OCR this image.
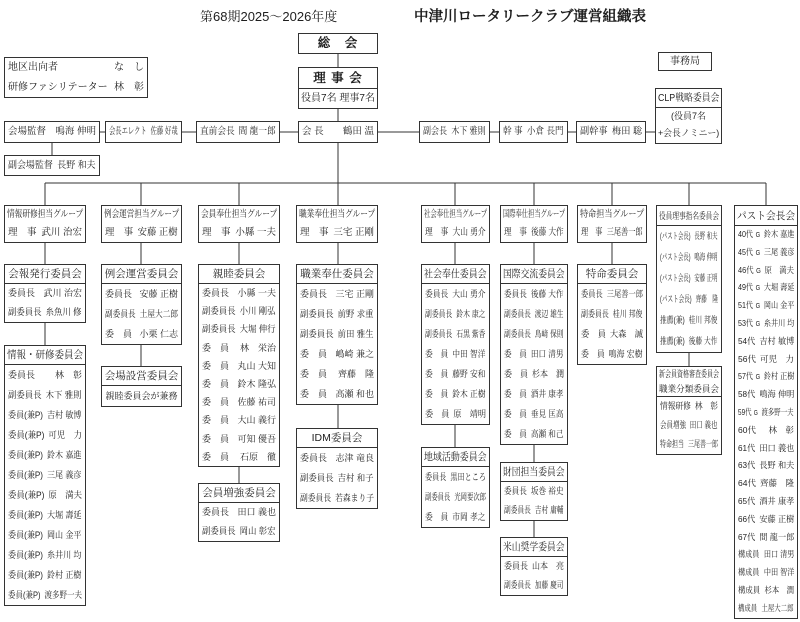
第68期2025～2026年度	中津川ロータリークラブ運営組織表
総　会
理 事 会
役員7名 理事7名
地区出向者	な　し
研修ファシリテーター 林　彰
事務局
CLP戦略委員会
(役員7名
+会長ノミニー)
会場監督 鳴海 伸明 会長エレクト 佐藤 好哉 直前会長 間 龍一郎	会 長 鶴田 温	副会長 木下 雅則 幹 事 小倉 長門 副幹事 梅田 聡
副会場監督 長野 和夫
情報研修担当グループ
理　事 武川 治宏
会報発行委員会
委員長 武川 治宏
副委員長 糸魚川 修
情報・研修委員会
委員長 林　彰
副委員長 木下 雅則
委員(兼P) 吉村 敏博
委員(兼P) 可児　力
委員(兼P) 鈴木 嘉進
委員(兼P) 三尾 義彦
委員(兼P) 原　満夫
委員(兼P) 大堀 壽延
委員(兼P) 岡山 金平
委員(兼P) 糸井川 均
委員(兼P) 鈴村 正樹
委員(兼P) 渡多野一夫
例会運営担当グループ
理　事 安藤 正樹
例会運営委員会
委員長 安藤 正樹
副委員長 土屋大二郎
委　員 小栗 仁志
会場設営委員会
親睦委員会が兼務
会員奉仕担当グループ
理　事 小縣 一夫
親睦委員会
委員長 小縣 一夫
副委員長 小川 剛弘
副委員長 大堀 伸行
委　員 林　栄治
委　員 丸山 大知
委　員 鈴木 隆弘
委　員 佐藤 祐司
委　員 大山 義行
委　員 可知 優吾
委　員 石原　徹
会員増強委員会
委員長 田口 義也
副委員長 岡山 彰宏
職業奉仕担当グループ
理　事 三宅 正剛
職業奉仕委員会
委員長 三宅 正剛
副委員長 前野 求重
副委員長 前田 雅生
委　員 嶋崎 兼之
委　員 齊藤　隆
委　員 高瀬 和也
IDM委員会
委員長 志津 竜良
副委員長 吉村 和子
副委員長 若森まり子
社会奉仕担当グループ
理　事 大山 勇介
社会奉仕委員会
委員長 大山 勇介
副委員長 鈴木 康之
副委員長 石黒 紫香
委　員 中田 智洋
委　員 藤野 安和
委　員 鈴木 正樹
委　員 原　靖明
地域活動委員会
委員長 黒田ところ
副委員長 光岡要次郎
委　員 市岡 孝之
国際奉仕担当グループ
理　事 後藤 大作
国際交流委員会
委員長 後藤 大作
副委員長 渡辺 雄生
副委員長 鳥﨑 保則
委　員 田口 清男
委　員 杉本　潤
委　員 酒井 康孝
委　員 垂見 匡高
委　員 高瀬 和己
財団担当委員会
委員長 坂巻 裕史
副委員長 吉村 庸輔
米山奨学委員会
委員長 山本　亮
副委員長 加藤 慶司
特命担当グループ
理　事 三尾善一郎
特命委員会
委員長 三尾善一郎
副委員長 桂川 邦俊
委　員 大森　誠
委　員 鳴海 宏樹
役員理事指名委員会
(パスト会長) 長野 和夫
(パスト会長) 鳴海 伸明
(パスト会長) 安藤 正明
(パスト会長) 齊藤　隆
推薦(兼) 桂川 邦俊
推薦(兼) 後藤 大作
新会員資格審査委員会
職業分類委員会
情報研修 林　彰
会員増強 田口 義也
特命担当 三尾善一郎
パスト会長会
40代 G 鈴木 嘉進
45代 G 三尾 義彦
46代 G 原　満夫
49代 G 大堀 壽延
51代 G 岡山 金平
53代 G 糸井川 均
54代 吉村 敏博
56代 可児　力
57代 G 鈴村 正樹
58代 鳴海 伸明
59代 G 渡多野一夫
60代 林　彰
61代 田口 義也
63代 長野 和夫
64代 齊藤　隆
65代 酒井 康孝
66代 安藤 正樹
67代 間 龍一郎
構成員 田口 清男
構成員 中田 智洋
構成員 杉本　潤
構成員 土屋大二郎
